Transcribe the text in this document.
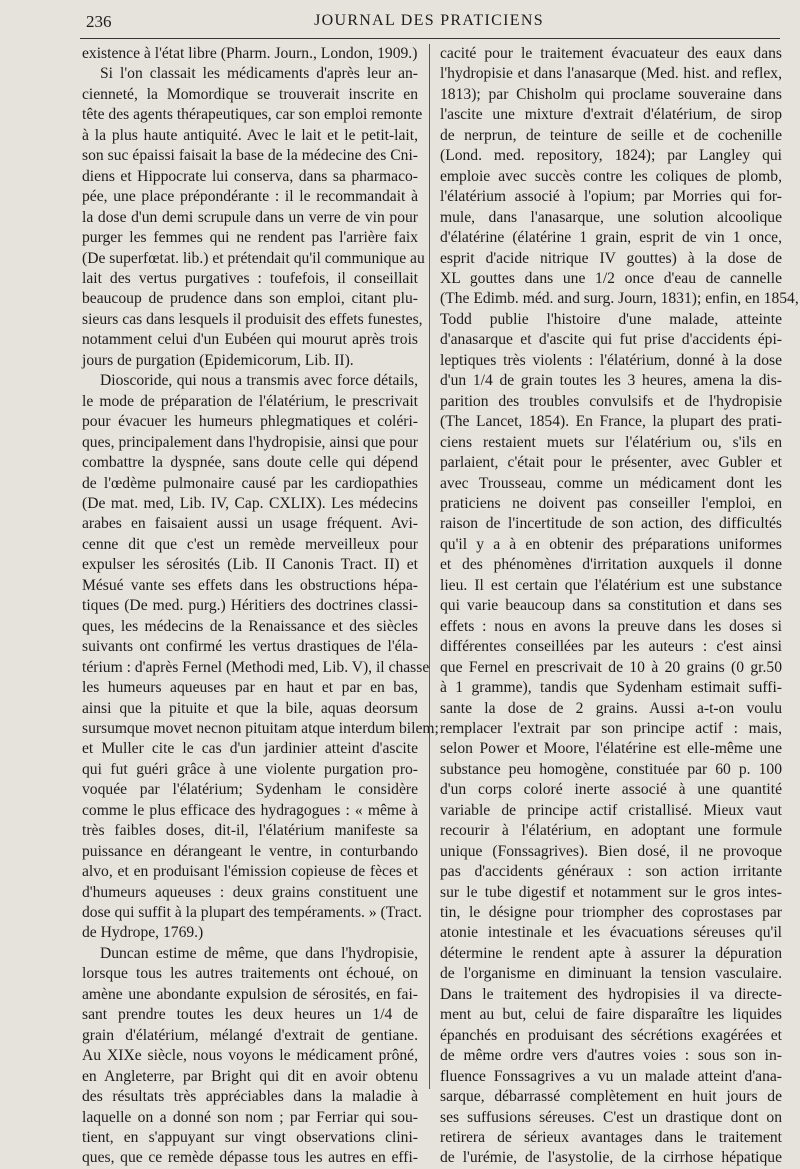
236	JOURNAL DES PRATICIENS
existence à l'état libre (Pharm. Journ., London, 1909.)
Si l'on classait les médicaments d'après leur an-
cienneté, la Momordique se trouverait inscrite en
tête des agents thérapeutiques, car son emploi remonte
à la plus haute antiquité. Avec le lait et le petit-lait,
son suc épaissi faisait la base de la médecine des Cni-
diens et Hippocrate lui conserva, dans sa pharmaco-
pée, une place prépondérante : il le recommandait à
la dose d'un demi scrupule dans un verre de vin pour
purger les femmes qui ne rendent pas l'arrière faix
(De superfœtat. lib.) et prétendait qu'il communique au
lait des vertus purgatives : toufefois, il conseillait
beaucoup de prudence dans son emploi, citant plu-
sieurs cas dans lesquels il produisit des effets funestes,
notamment celui d'un Eubéen qui mourut après trois
jours de purgation (Epidemicorum, Lib. II).
Dioscoride, qui nous a transmis avec force détails,
le mode de préparation de l'élatérium, le prescrivait
pour évacuer les humeurs phlegmatiques et coléri-
ques, principalement dans l'hydropisie, ainsi que pour
combattre la dyspnée, sans doute celle qui dépend
de l'œdème pulmonaire causé par les cardiopathies
(De mat. med, Lib. IV, Cap. CXLIX). Les médecins
arabes en faisaient aussi un usage fréquent. Avi-
cenne dit que c'est un remède merveilleux pour
expulser les sérosités (Lib. II Canonis Tract. II) et
Mésué vante ses effets dans les obstructions hépa-
tiques (De med. purg.) Héritiers des doctrines classi-
ques, les médecins de la Renaissance et des siècles
suivants ont confirmé les vertus drastiques de l'éla-
térium : d'après Fernel (Methodi med, Lib. V), il chasse
les humeurs aqueuses par en haut et par en bas,
ainsi que la pituite et que la bile, aquas deorsum
sursumque movet necnon pituitam atque interdum bilem;
et Muller cite le cas d'un jardinier atteint d'ascite
qui fut guéri grâce à une violente purgation pro-
voquée par l'élatérium; Sydenham le considère
comme le plus efficace des hydragogues : « même à
très faibles doses, dit-il, l'élatérium manifeste sa
puissance en dérangeant le ventre, in conturbando
alvo, et en produisant l'émission copieuse de fèces et
d'humeurs aqueuses : deux grains constituent une
dose qui suffit à la plupart des tempéraments. » (Tract.
de Hydrope, 1769.)
Duncan estime de même, que dans l'hydropisie,
lorsque tous les autres traitements ont échoué, on
amène une abondante expulsion de sérosités, en fai-
sant prendre toutes les deux heures un 1/4 de
grain d'élatérium, mélangé d'extrait de gentiane.
Au XIXe siècle, nous voyons le médicament prôné,
en Angleterre, par Bright qui dit en avoir obtenu
des résultats très appréciables dans la maladie à
laquelle on a donné son nom ; par Ferriar qui sou-
tient, en s'appuyant sur vingt observations clini-
ques, que ce remède dépasse tous les autres en effi-
cacité pour le traitement évacuateur des eaux dans
l'hydropisie et dans l'anasarque (Med. hist. and reflex,
1813); par Chisholm qui proclame souveraine dans
l'ascite une mixture d'extrait d'élatérium, de sirop
de nerprun, de teinture de seille et de cochenille
(Lond. med. repository, 1824); par Langley qui
emploie avec succès contre les coliques de plomb,
l'élatérium associé à l'opium; par Morries qui for-
mule, dans l'anasarque, une solution alcoolique
d'élatérine (élatérine 1 grain, esprit de vin 1 once,
esprit d'acide nitrique IV gouttes) à la dose de
XL gouttes dans une 1/2 once d'eau de cannelle
(The Edimb. méd. and surg. Journ, 1831); enfin, en 1854,
Todd publie l'histoire d'une malade, atteinte
d'anasarque et d'ascite qui fut prise d'accidents épi-
leptiques très violents : l'élatérium, donné à la dose
d'un 1/4 de grain toutes les 3 heures, amena la dis-
parition des troubles convulsifs et de l'hydropisie
(The Lancet, 1854). En France, la plupart des prati-
ciens restaient muets sur l'élatérium ou, s'ils en
parlaient, c'était pour le présenter, avec Gubler et
avec Trousseau, comme un médicament dont les
praticiens ne doivent pas conseiller l'emploi, en
raison de l'incertitude de son action, des difficultés
qu'il y a à en obtenir des préparations uniformes
et des phénomènes d'irritation auxquels il donne
lieu. Il est certain que l'élatérium est une substance
qui varie beaucoup dans sa constitution et dans ses
effets : nous en avons la preuve dans les doses si
différentes conseillées par les auteurs : c'est ainsi
que Fernel en prescrivait de 10 à 20 grains (0 gr.50
à 1 gramme), tandis que Sydenham estimait suffi-
sante la dose de 2 grains. Aussi a-t-on voulu
remplacer l'extrait par son principe actif : mais,
selon Power et Moore, l'élatérine est elle-même une
substance peu homogène, constituée par 60 p. 100
d'un corps coloré inerte associé à une quantité
variable de principe actif cristallisé. Mieux vaut
recourir à l'élatérium, en adoptant une formule
unique (Fonssagrives). Bien dosé, il ne provoque
pas d'accidents généraux : son action irritante
sur le tube digestif et notamment sur le gros intes-
tin, le désigne pour triompher des coprostases par
atonie intestinale et les évacuations séreuses qu'il
détermine le rendent apte à assurer la dépuration
de l'organisme en diminuant la tension vasculaire.
Dans le traitement des hydropisies il va directe-
ment au but, celui de faire disparaître les liquides
épanchés en produisant des sécrétions exagérées et
de même ordre vers d'autres voies : sous son in-
fluence Fonssagrives a vu un malade atteint d'ana-
sarque, débarrassé complètement en huit jours de
ses suffusions séreuses. C'est un drastique dont on
retirera de sérieux avantages dans le traitement
de l'urémie, de l'asystolie, de la cirrhose hépatique
